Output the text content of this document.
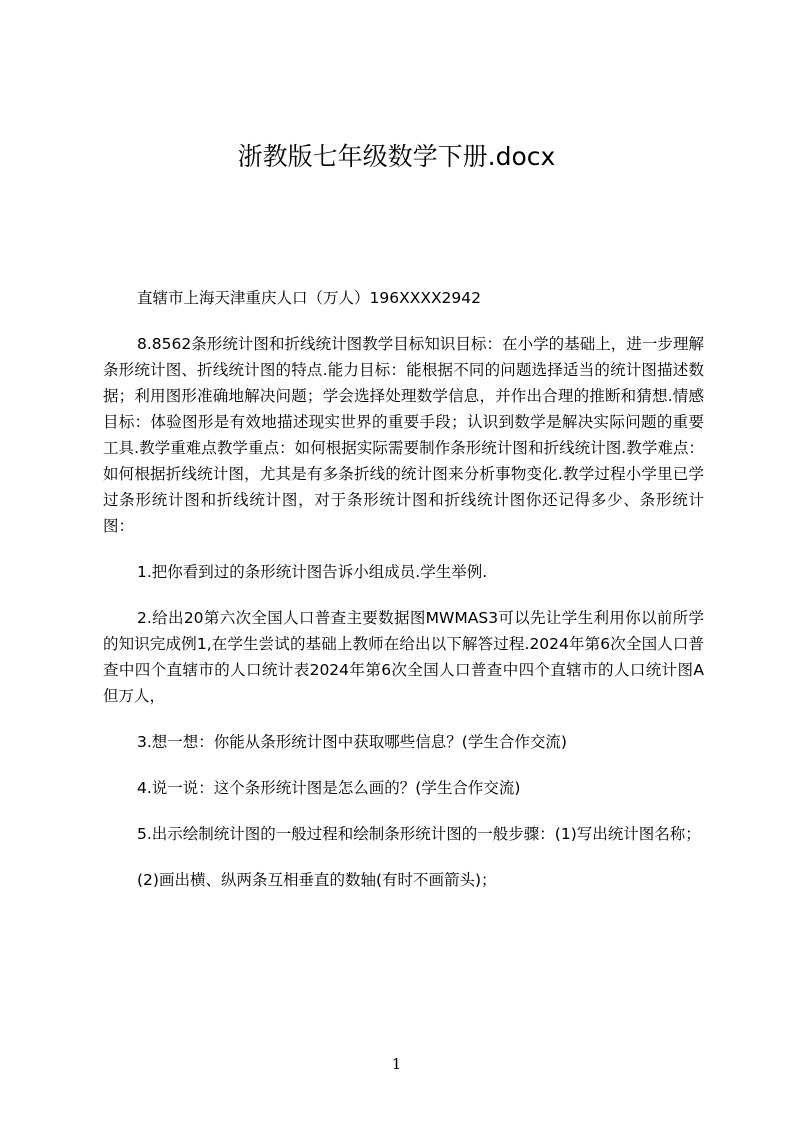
浙教版七年级数学下册.docx

直辖市上海天津重庆人口（万人）196XXXX2942

8.8562条形统计图和折线统计图教学目标知识目标：在小学的基础上，进一步理解条形统计图、折线统计图的特点.能力目标：能根据不同的问题选择适当的统计图描述数据；利用图形准确地解决问题；学会选择处理数学信息，并作出合理的推断和猜想.情感目标：体验图形是有效地描述现实世界的重要手段；认识到数学是解决实际问题的重要工具.教学重难点教学重点：如何根据实际需要制作条形统计图和折线统计图.教学难点：如何根据折线统计图，尤其是有多条折线的统计图来分析事物变化.教学过程小学里已学过条形统计图和折线统计图，对于条形统计图和折线统计图你还记得多少、条形统计图：

1.把你看到过的条形统计图告诉小组成员.学生举例.

2.给出20第六次全国人口普查主要数据图MWMAS3可以先让学生利用你以前所学的知识完成例1,在学生尝试的基础上教师在给出以下解答过程.2024年第6次全国人口普查中四个直辖市的人口统计表2024年第6次全国人口普查中四个直辖市的人口统计图A但万人，

3.想一想：你能从条形统计图中获取哪些信息？(学生合作交流)

4.说一说：这个条形统计图是怎么画的？(学生合作交流)

5.出示绘制统计图的一般过程和绘制条形统计图的一般步骤：(1)写出统计图名称；

(2)画出横、纵两条互相垂直的数轴(有时不画箭头)；

1
